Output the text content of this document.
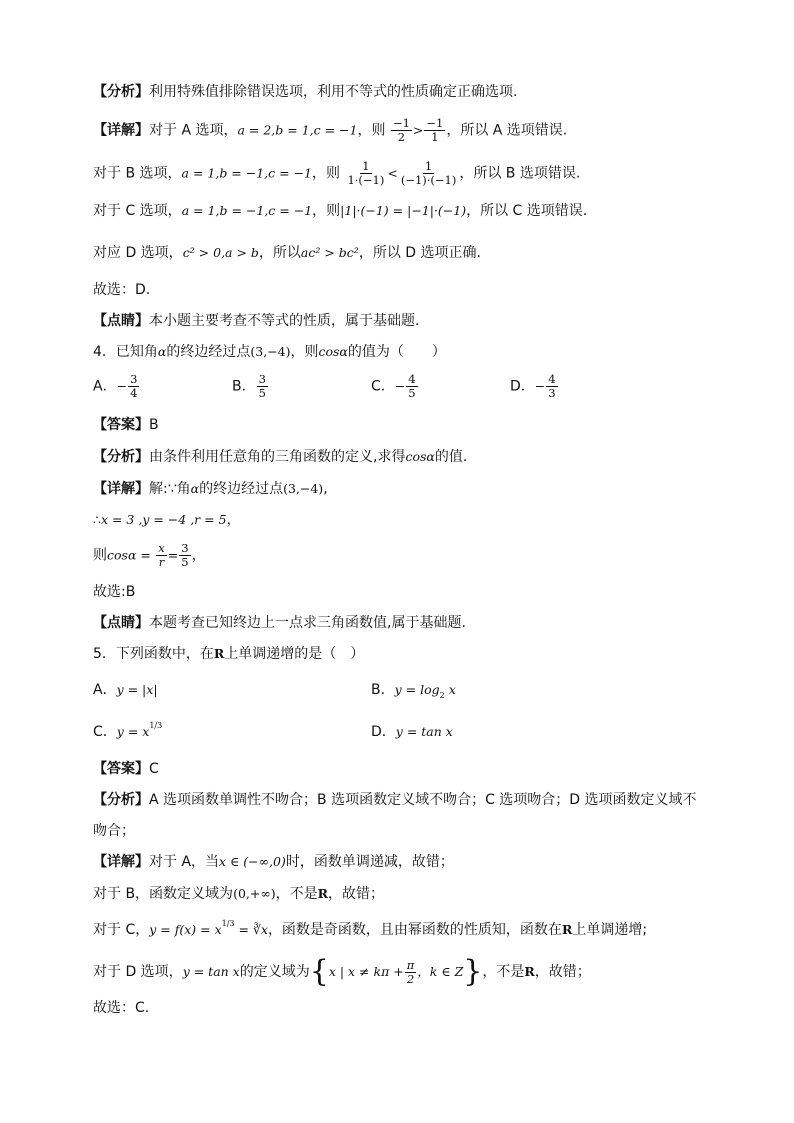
【分析】利用特殊值排除错误选项，利用不等式的性质确定正确选项.
【详解】对于 A 选项，a = 2,b = 1,c = −1，则 $\frac{-1}{2} > \frac{-1}{1}$ ，所以 A 选项错误.
对于 B 选项，a = 1,b = −1,c = −1，则 $\frac{1}{1\cdot(-1)} < \frac{1}{(-1)\cdot(-1)}$ ，所以 B 选项错误.
对于 C 选项，a = 1,b = −1,c = −1，则|1|·(−1) = |−1|·(−1)，所以 C 选项错误.
对应 D 选项，c² > 0,a > b，所以ac² > bc²，所以 D 选项正确.
故选：D.
【点睛】本小题主要考查不等式的性质，属于基础题.
4．已知角α的终边经过点(3,−4)，则cosα的值为（　　）
A．− $\frac{3}{4}$	B． $\frac{3}{5}$	C．− $\frac{4}{5}$	D．− $\frac{4}{3}$
【答案】B
【分析】由条件利用任意角的三角函数的定义,求得cosα的值.
【详解】解:∵角α的终边经过点(3,−4),
∴x = 3 ,y = −4 ,r = 5，
则$\cos\alpha = \frac{x}{r} = \frac{3}{5}$ ，
故选:B
【点睛】本题考查已知终边上一点求三角函数值,属于基础题.
5．下列函数中，在R上单调递增的是（　）
A．y = |x|	B．$y = \log_2 x$
C．$y = x^{1/3}$	D．y = tan x
【答案】C
【分析】A 选项函数单调性不吻合；B 选项函数定义域不吻合；C 选项吻合；D 选项函数定义域不
吻合；
【详解】对于 A，当x ∈ (−∞,0)时，函数单调递减，故错；
对于 B，函数定义域为(0,+∞)，不是R，故错；
对于 C，$y = f(x) = x^{1/3}$ = ∛x，函数是奇函数，且由幂函数的性质知，函数在R上单调递增;
对于 D 选项，y = tan x的定义域为{x | $x \ne k\pi + \frac{\pi}{2}$ ，k ∈ Z}，不是R，故错；
故选：C.
